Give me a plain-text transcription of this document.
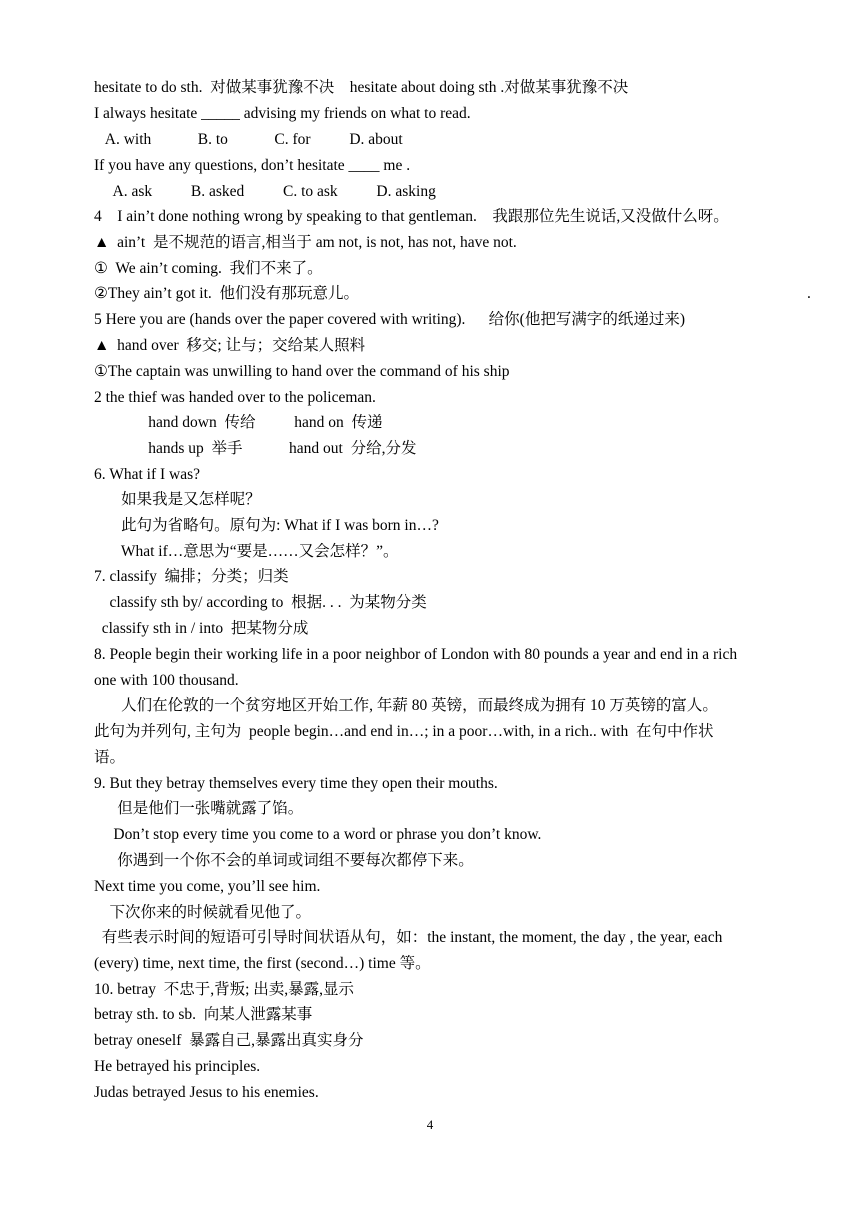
hesitate to do sth.  对做某事犹豫不决    hesitate about doing sth .对做某事犹豫不决
I always hesitate _____ advising my friends on what to read.
A. with            B. to            C. for          D. about
If you have any questions, don’t hesitate ____ me .
A. ask          B. asked          C. to ask          D. asking
4    I ain’t done nothing wrong by speaking to that gentleman.    我跟那位先生说话,又没做什么呀。
▲  ain’t  是不规范的语言,相当于 am not, is not, has not, have not.
①  We ain’t coming.  我们不来了。
②They ain’t got it.  他们没有那玩意儿。
5 Here you are (hands over the paper covered with writing).      给你(他把写满字的纸递过来)
▲  hand over  移交; 让与；交给某人照料
①The captain was unwilling to hand over the command of his ship
2 the thief was handed over to the policeman.
hand down  传给          hand on  传递
hands up  举手            hand out  分给,分发
6. What if I was?
如果我是又怎样呢？
此句为省略句。原句为: What if I was born in…?
What if…意思为“要是……又会怎样？”。
7. classify  编排；分类；归类
classify sth by/ according to  根据. . .  为某物分类
classify sth in / into  把某物分成
8. People begin their working life in a poor neighbor of London with 80 pounds a year and end in a rich
one with 100 thousand.
人们在伦敦的一个贫穷地区开始工作, 年薪 80 英镑，而最终成为拥有 10 万英镑的富人。
此句为并列句, 主句为  people begin…and end in…; in a poor…with, in a rich.. with  在句中作状
语。
9. But they betray themselves every time they open their mouths.
但是他们一张嘴就露了馅。
Don’t stop every time you come to a word or phrase you don’t know.
你遇到一个你不会的单词或词组不要每次都停下来。
Next time you come, you’ll see him.
下次你来的时候就看见他了。
有些表示时间的短语可引导时间状语从句，如：the instant, the moment, the day , the year, each
(every) time, next time, the first (second…) time 等。
10. betray  不忠于,背叛; 出卖,暴露,显示
betray sth. to sb.  向某人泄露某事
betray oneself  暴露自己,暴露出真实身分
He betrayed his principles.
Judas betrayed Jesus to his enemies.
.
4
